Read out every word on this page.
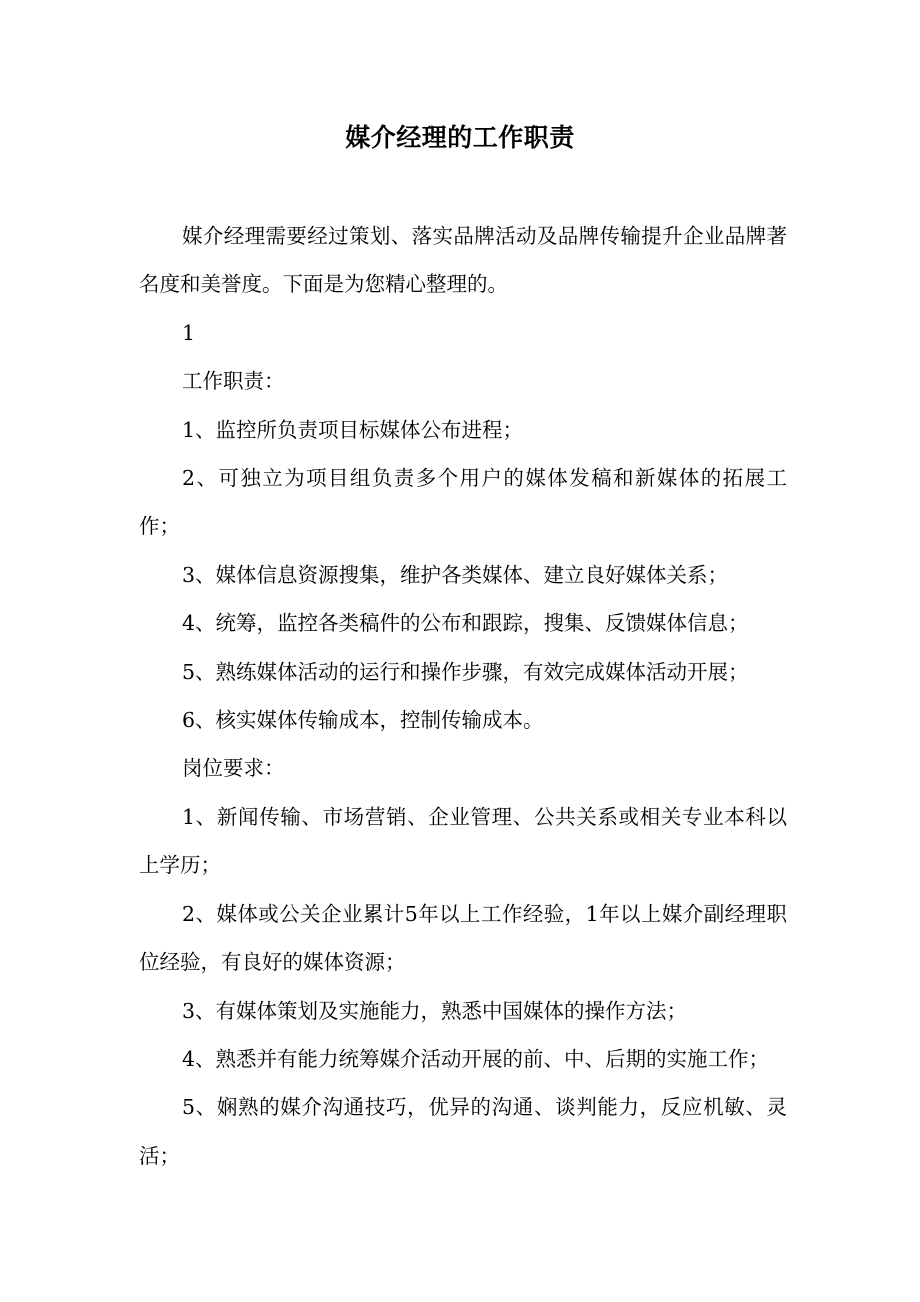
媒介经理的工作职责

媒介经理需要经过策划、落实品牌活动及品牌传输提升企业品牌著名度和美誉度。下面是为您精心整理的。

1

工作职责：

1、监控所负责项目标媒体公布进程；

2、可独立为项目组负责多个用户的媒体发稿和新媒体的拓展工作；

3、媒体信息资源搜集，维护各类媒体、建立良好媒体关系；

4、统筹，监控各类稿件的公布和跟踪，搜集、反馈媒体信息；

5、熟练媒体活动的运行和操作步骤，有效完成媒体活动开展；

6、核实媒体传输成本，控制传输成本。

岗位要求：

1、新闻传输、市场营销、企业管理、公共关系或相关专业本科以上学历；

2、媒体或公关企业累计5年以上工作经验，1年以上媒介副经理职位经验，有良好的媒体资源；

3、有媒体策划及实施能力，熟悉中国媒体的操作方法；

4、熟悉并有能力统筹媒介活动开展的前、中、后期的实施工作；

5、娴熟的媒介沟通技巧，优异的沟通、谈判能力，反应机敏、灵活；
